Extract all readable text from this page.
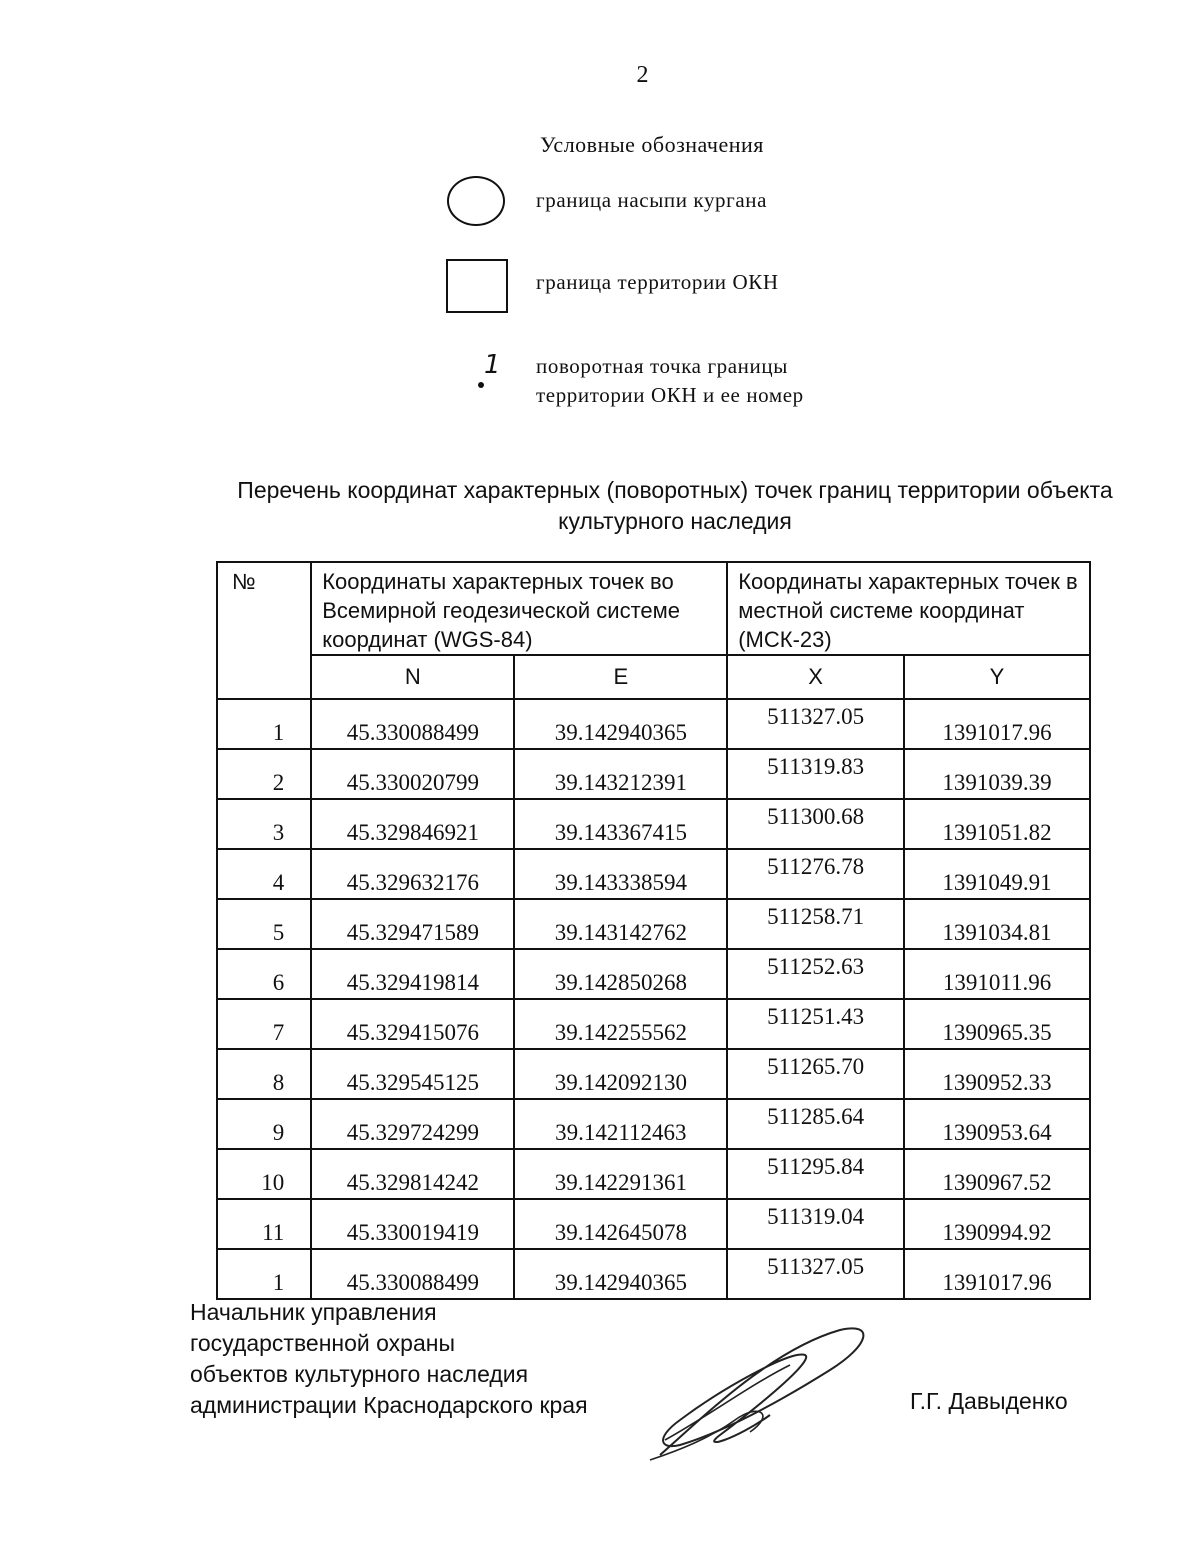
2
Условные обозначения
граница насыпи кургана
граница территории ОКН
1 поворотная точка границы территории ОКН и ее номер
Перечень координат характерных (поворотных) точек границ территории объекта культурного наследия
№	Координаты характерных точек во Всемирной геодезической системе координат (WGS-84)		Координаты характерных точек в местной системе координат (МСК-23)	
	N	E	X	Y
1	45.330088499	39.142940365	511327.05	1391017.96
2	45.330020799	39.143212391	511319.83	1391039.39
3	45.329846921	39.143367415	511300.68	1391051.82
4	45.329632176	39.143338594	511276.78	1391049.91
5	45.329471589	39.143142762	511258.71	1391034.81
6	45.329419814	39.142850268	511252.63	1391011.96
7	45.329415076	39.142255562	511251.43	1390965.35
8	45.329545125	39.142092130	511265.70	1390952.33
9	45.329724299	39.142112463	511285.64	1390953.64
10	45.329814242	39.142291361	511295.84	1390967.52
11	45.330019419	39.142645078	511319.04	1390994.92
1	45.330088499	39.142940365	511327.05	1391017.96
Начальник управления
государственной охраны
объектов культурного наследия
администрации Краснодарского края	Г.Г. Давыденко
